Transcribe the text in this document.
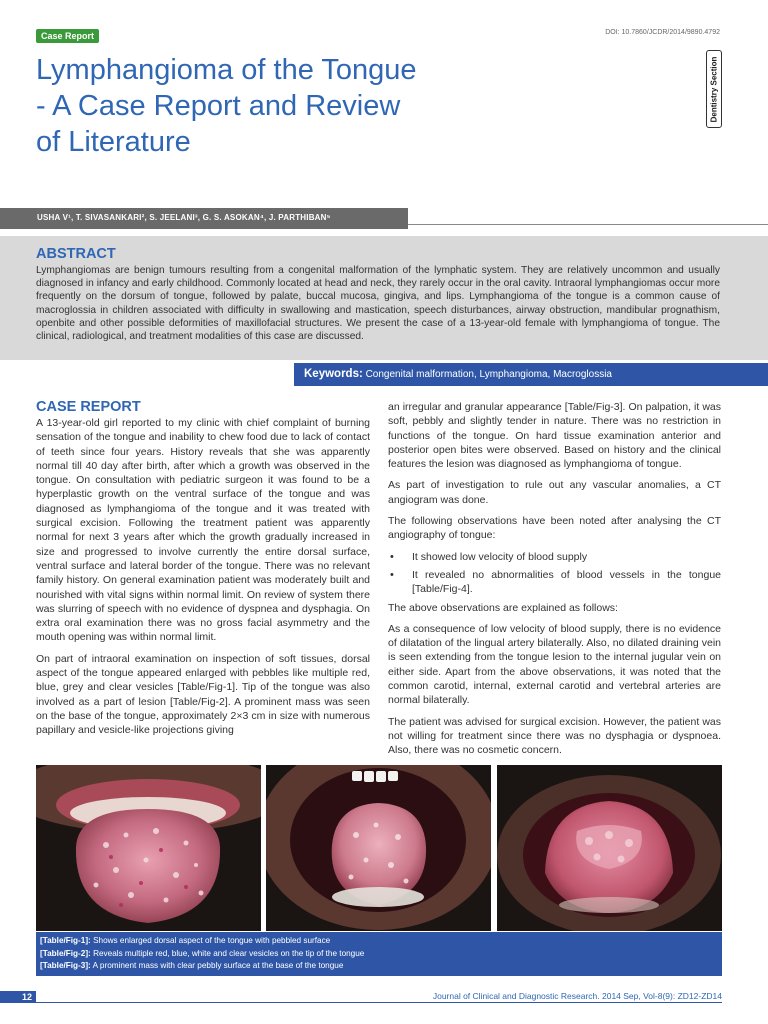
Case Report	DOI: 10.7860/JCDR/2014/9890.4792
Lymphangioma of the Tongue
- A Case Report and Review
of Literature
Dentistry Section
USHA V¹, T. SIVASANKARI², S. JEELANI³, G. S. ASOKAN⁴, J. PARTHIBAN⁵
ABSTRACT

Lymphangiomas are benign tumours resulting from a congenital malformation of the lymphatic system. They are relatively uncommon and usually diagnosed in infancy and early childhood. Commonly located at head and neck, they rarely occur in the oral cavity. Intraoral lymphangiomas occur more frequently on the dorsum of tongue, followed by palate, buccal mucosa, gingiva, and lips. Lymphangioma of the tongue is a common cause of macroglossia in children associated with difficulty in swallowing and mastication, speech disturbances, airway obstruction, mandibular prognathism, openbite and other possible deformities of maxillofacial structures. We present the case of a 13-year-old female with lymphangioma of tongue. The clinical, radiological, and treatment modalities of this case are discussed.

Keywords: Congenital malformation, Lymphangioma, Macroglossia
CASE REPORT

A 13-year-old girl reported to my clinic with chief complaint of burning sensation of the tongue and inability to chew food due to lack of contact of teeth since four years. History reveals that she was apparently normal till 40 day after birth, after which a growth was observed in the tongue. On consultation with pediatric surgeon it was found to be a hyperplastic growth on the ventral surface of the tongue and was diagnosed as lymphangioma of the tongue and it was treated with surgical excision. Following the treatment patient was apparently normal for next 3 years after which the growth gradually increased in size and progressed to involve currently the entire dorsal surface, ventral surface and lateral border of the tongue. There was no relevant family history. On general examination patient was moderately built and nourished with vital signs within normal limit. On review of system there was slurring of speech with no evidence of dyspnea and dysphagia. On extra oral examination there was no gross facial asymmetry and the mouth opening was within normal limit.

On part of intraoral examination on inspection of soft tissues, dorsal aspect of the tongue appeared enlarged with pebbles like multiple red, blue, grey and clear vesicles [Table/Fig-1]. Tip of the tongue was also involved as a part of lesion [Table/Fig-2]. A prominent mass was seen on the base of the tongue, approximately 2×3 cm in size with numerous papillary and vesicle-like projections giving

an irregular and granular appearance [Table/Fig-3]. On palpation, it was soft, pebbly and slightly tender in nature. There was no restriction in functions of the tongue. On hard tissue examination anterior and posterior open bites were observed. Based on history and the clinical features the lesion was diagnosed as lymphangioma of tongue.

As part of investigation to rule out any vascular anomalies, a CT angiogram was done.

The following observations have been noted after analysing the CT angiography of tongue:

• It showed low velocity of blood supply
• It revealed no abnormalities of blood vessels in the tongue [Table/Fig-4].

The above observations are explained as follows:

As a consequence of low velocity of blood supply, there is no evidence of dilatation of the lingual artery bilaterally. Also, no dilated draining vein is seen extending from the tongue lesion to the internal jugular vein on either side. Apart from the above observations, it was noted that the common carotid, internal, external carotid and vertebral arteries are normal bilaterally.

The patient was advised for surgical excision. However, the patient was not willing for treatment since there was no dysphagia or dyspnoea. Also, there was no cosmetic concern.

[Table/Fig-1]: Shows enlarged dorsal aspect of the tongue with pebbled surface
[Table/Fig-2]: Reveals multiple red, blue, white and clear vesicles on the tip of the tongue
[Table/Fig-3]: A prominent mass with clear pebbly surface at the base of the tongue
12	Journal of Clinical and Diagnostic Research. 2014 Sep, Vol-8(9): ZD12-ZD14
